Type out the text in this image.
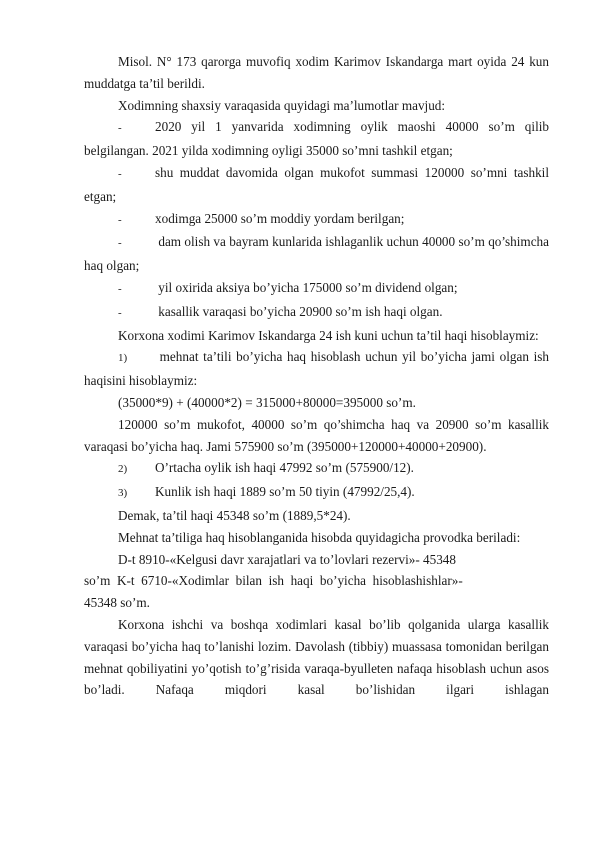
Misol. N° 173 qarorga muvofiq xodim Karimov Iskandarga mart oyida 24 kun muddatga ta’til berildi.

Xodimning shaxsiy varaqasida quyidagi ma’lumotlar mavjud:

-	2020 yil 1 yanvarida xodimning oylik maoshi 40000 so’m qilib belgilangan. 2021 yilda xodimning oyligi 35000 so’mni tashkil etgan;

-	shu muddat davomida olgan mukofot summasi 120000 so’mni tashkil etgan;

-	xodimga 25000 so’m moddiy yordam berilgan;

-	dam olish va bayram kunlarida ishlaganlik uchun 40000 so’m qo’shimcha haq olgan;

-	yil oxirida aksiya bo’yicha 175000 so’m dividend olgan;

-	kasallik varaqasi bo’yicha 20900 so’m ish haqi olgan.

Korxona xodimi Karimov Iskandarga 24 ish kuni uchun ta’til haqi hisoblaymiz:

1) mehnat ta’tili bo’yicha haq hisoblash uchun yil bo’yicha jami olgan ish haqisini hisoblaymiz:

(35000*9) + (40000*2) = 315000+80000=395000 so’m.

120000 so’m mukofot, 40000 so’m qo’shimcha haq va 20900 so’m kasallik varaqasi bo’yicha haq. Jami 575900 so’m (395000+120000+40000+20900).

2) O’rtacha oylik ish haqi 47992 so’m (575900/12).

3) Kunlik ish haqi 1889 so’m 50 tiyin (47992/25,4).

Demak, ta’til haqi 45348 so’m (1889,5*24).

Mehnat ta’tiliga haq hisoblanganida hisobda quyidagicha provodka beriladi:

D-t 8910-«Kelgusi davr xarajatlari va to’lovlari rezervi»- 45348

so’m  K-t  6710-«Xodimlar  bilan  ish  haqi  bo’yicha  hisoblashishlar»-

45348 so’m.

Korxona ishchi va boshqa xodimlari kasal bo’lib qolganida ularga kasallik varaqasi bo’yicha haq to’lanishi lozim. Davolash (tibbiy) muassasa tomonidan berilgan mehnat qobiliyatini yo’qotish to’g’risida varaqa-byulleten nafaqa hisoblash uchun asos bo’ladi. Nafaqa miqdori kasal bo’lishidan ilgari ishlagan
